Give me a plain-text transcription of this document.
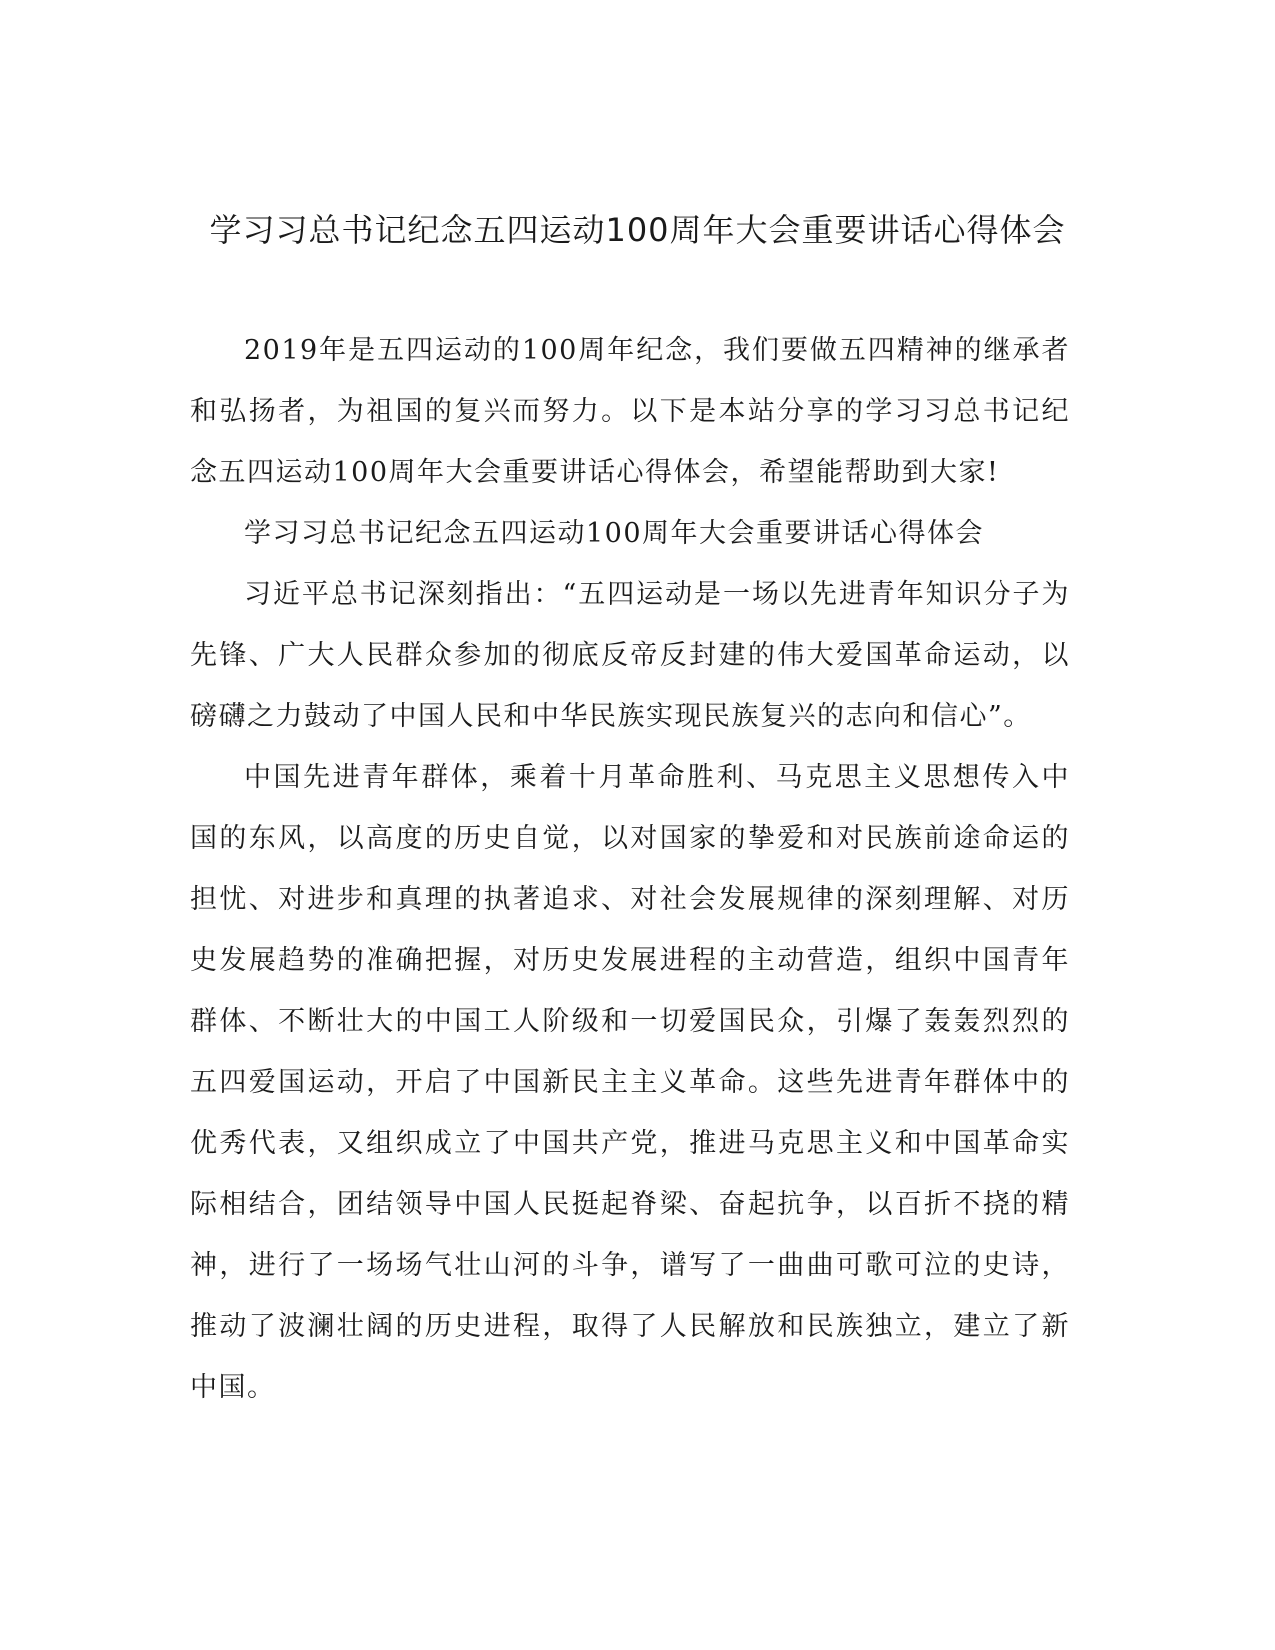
学习习总书记纪念五四运动100周年大会重要讲话心得体会

2019年是五四运动的100周年纪念，我们要做五四精神的继承者和弘扬者，为祖国的复兴而努力。以下是本站分享的学习习总书记纪念五四运动100周年大会重要讲话心得体会，希望能帮助到大家!

学习习总书记纪念五四运动100周年大会重要讲话心得体会

习近平总书记深刻指出：“五四运动是一场以先进青年知识分子为先锋、广大人民群众参加的彻底反帝反封建的伟大爱国革命运动，以磅礴之力鼓动了中国人民和中华民族实现民族复兴的志向和信心”。

中国先进青年群体，乘着十月革命胜利、马克思主义思想传入中国的东风，以高度的历史自觉，以对国家的挚爱和对民族前途命运的担忧、对进步和真理的执著追求、对社会发展规律的深刻理解、对历史发展趋势的准确把握，对历史发展进程的主动营造，组织中国青年群体、不断壮大的中国工人阶级和一切爱国民众，引爆了轰轰烈烈的五四爱国运动，开启了中国新民主主义革命。这些先进青年群体中的优秀代表，又组织成立了中国共产党，推进马克思主义和中国革命实际相结合，团结领导中国人民挺起脊梁、奋起抗争，以百折不挠的精神，进行了一场场气壮山河的斗争，谱写了一曲曲可歌可泣的史诗，推动了波澜壮阔的历史进程，取得了人民解放和民族独立，建立了新中国。
